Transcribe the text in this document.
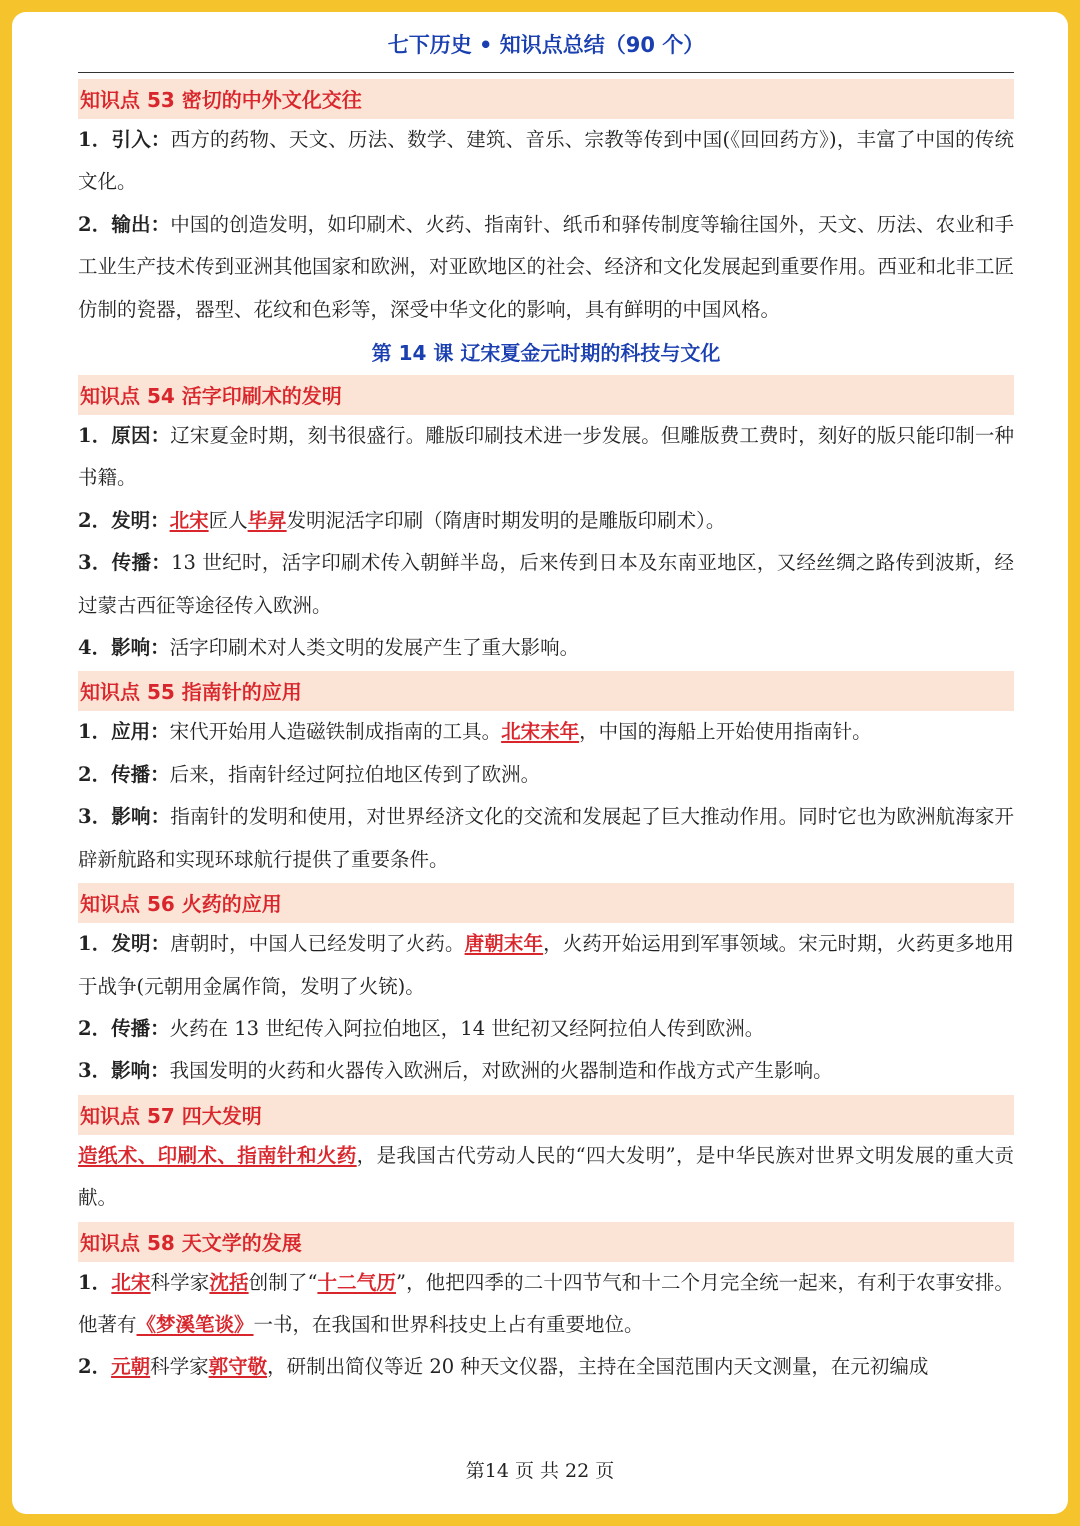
七下历史 • 知识点总结（90 个）
知识点 53 密切的中外文化交往
1．引入：西方的药物、天文、历法、数学、建筑、音乐、宗教等传到中国(《回回药方》)，丰富了中国的传统文化。
2．输出：中国的创造发明，如印刷术、火药、指南针、纸币和驿传制度等输往国外，天文、历法、农业和手工业生产技术传到亚洲其他国家和欧洲，对亚欧地区的社会、经济和文化发展起到重要作用。西亚和北非工匠仿制的瓷器，器型、花纹和色彩等，深受中华文化的影响，具有鲜明的中国风格。
第 14 课 辽宋夏金元时期的科技与文化
知识点 54 活字印刷术的发明
1．原因：辽宋夏金时期，刻书很盛行。雕版印刷技术进一步发展。但雕版费工费时，刻好的版只能印制一种书籍。
2．发明：北宋匠人毕昇发明泥活字印刷（隋唐时期发明的是雕版印刷术）。
3．传播：13 世纪时，活字印刷术传入朝鲜半岛，后来传到日本及东南亚地区，又经丝绸之路传到波斯，经过蒙古西征等途径传入欧洲。
4．影响：活字印刷术对人类文明的发展产生了重大影响。
知识点 55 指南针的应用
1．应用：宋代开始用人造磁铁制成指南的工具。北宋末年，中国的海船上开始使用指南针。
2．传播：后来，指南针经过阿拉伯地区传到了欧洲。
3．影响：指南针的发明和使用，对世界经济文化的交流和发展起了巨大推动作用。同时它也为欧洲航海家开辟新航路和实现环球航行提供了重要条件。
知识点 56 火药的应用
1．发明：唐朝时，中国人已经发明了火药。唐朝末年，火药开始运用到军事领域。宋元时期，火药更多地用于战争(元朝用金属作筒，发明了火铳)。
2．传播：火药在 13 世纪传入阿拉伯地区，14 世纪初又经阿拉伯人传到欧洲。
3．影响：我国发明的火药和火器传入欧洲后，对欧洲的火器制造和作战方式产生影响。
知识点 57 四大发明
造纸术、印刷术、指南针和火药，是我国古代劳动人民的“四大发明”，是中华民族对世界文明发展的重大贡献。
知识点 58 天文学的发展
1．北宋科学家沈括创制了“十二气历”，他把四季的二十四节气和十二个月完全统一起来，有利于农事安排。他著有《梦溪笔谈》一书，在我国和世界科技史上占有重要地位。
2．元朝科学家郭守敬，研制出简仪等近 20 种天文仪器，主持在全国范围内天文测量，在元初编成
第14 页 共 22 页
